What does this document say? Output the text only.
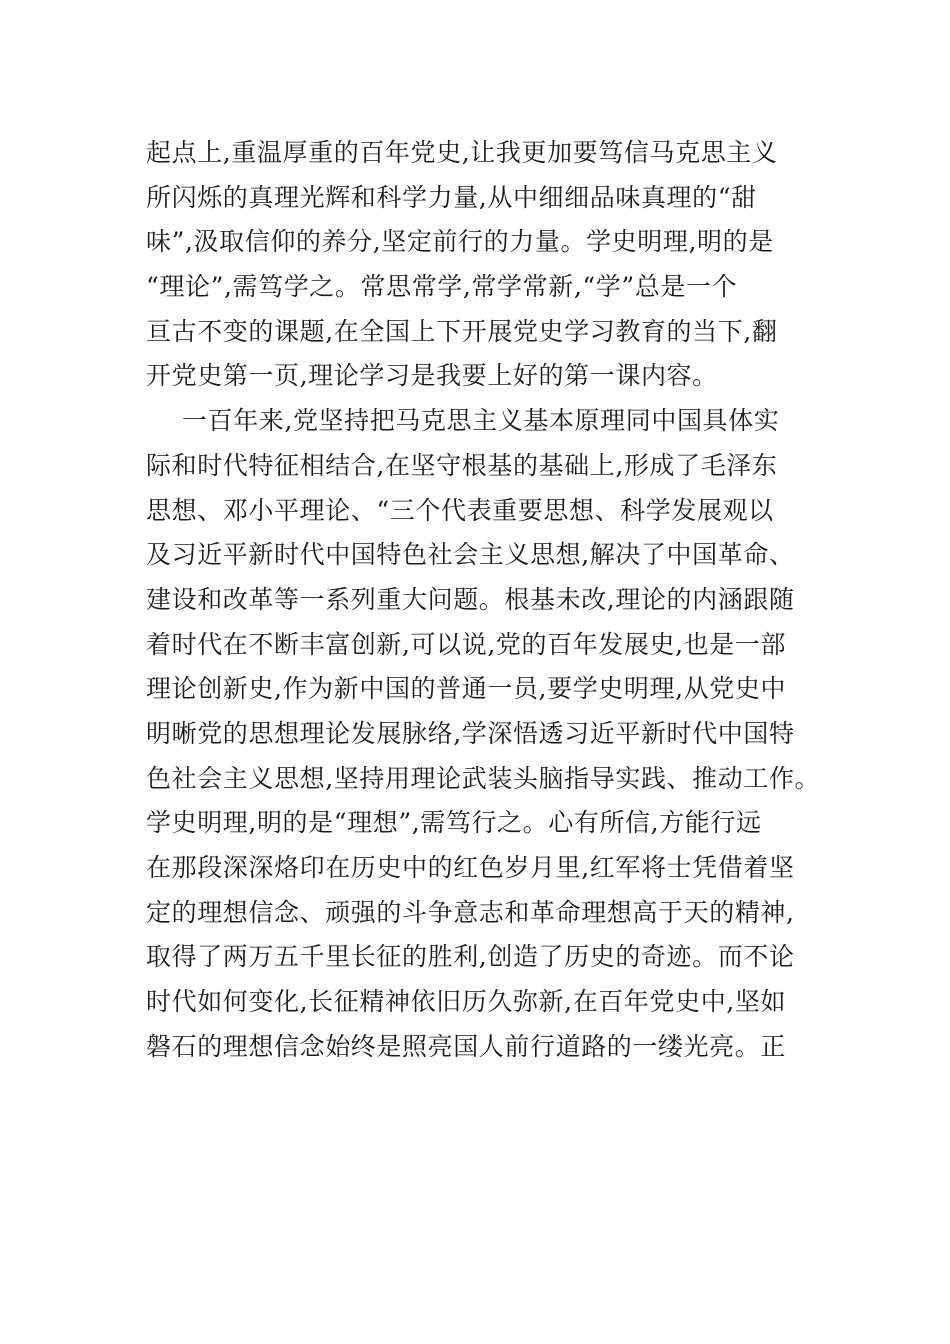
起点上,重温厚重的百年党史,让我更加要笃信马克思主义
所闪烁的真理光辉和科学力量,从中细细品味真理的“甜
味”,汲取信仰的养分,坚定前行的力量。学史明理,明的是
“理论”,需笃学之。常思常学,常学常新,“学”总是一个
亘古不变的课题,在全国上下开展党史学习教育的当下,翻
开党史第一页,理论学习是我要上好的第一课内容。
一百年来,党坚持把马克思主义基本原理同中国具体实
际和时代特征相结合,在坚守根基的基础上,形成了毛泽东
思想、邓小平理论、“三个代表重要思想、科学发展观以
及习近平新时代中国特色社会主义思想,解决了中国革命、
建设和改革等一系列重大问题。根基未改,理论的内涵跟随
着时代在不断丰富创新,可以说,党的百年发展史,也是一部
理论创新史,作为新中国的普通一员,要学史明理,从党史中
明晰党的思想理论发展脉络,学深悟透习近平新时代中国特
色社会主义思想,坚持用理论武装头脑指导实践、推动工作。
学史明理,明的是“理想”,需笃行之。心有所信,方能行远
在那段深深烙印在历史中的红色岁月里,红军将士凭借着坚
定的理想信念、顽强的斗争意志和革命理想高于天的精神,
取得了两万五千里长征的胜利,创造了历史的奇迹。而不论
时代如何变化,长征精神依旧历久弥新,在百年党史中,坚如
磐石的理想信念始终是照亮国人前行道路的一缕光亮。正
